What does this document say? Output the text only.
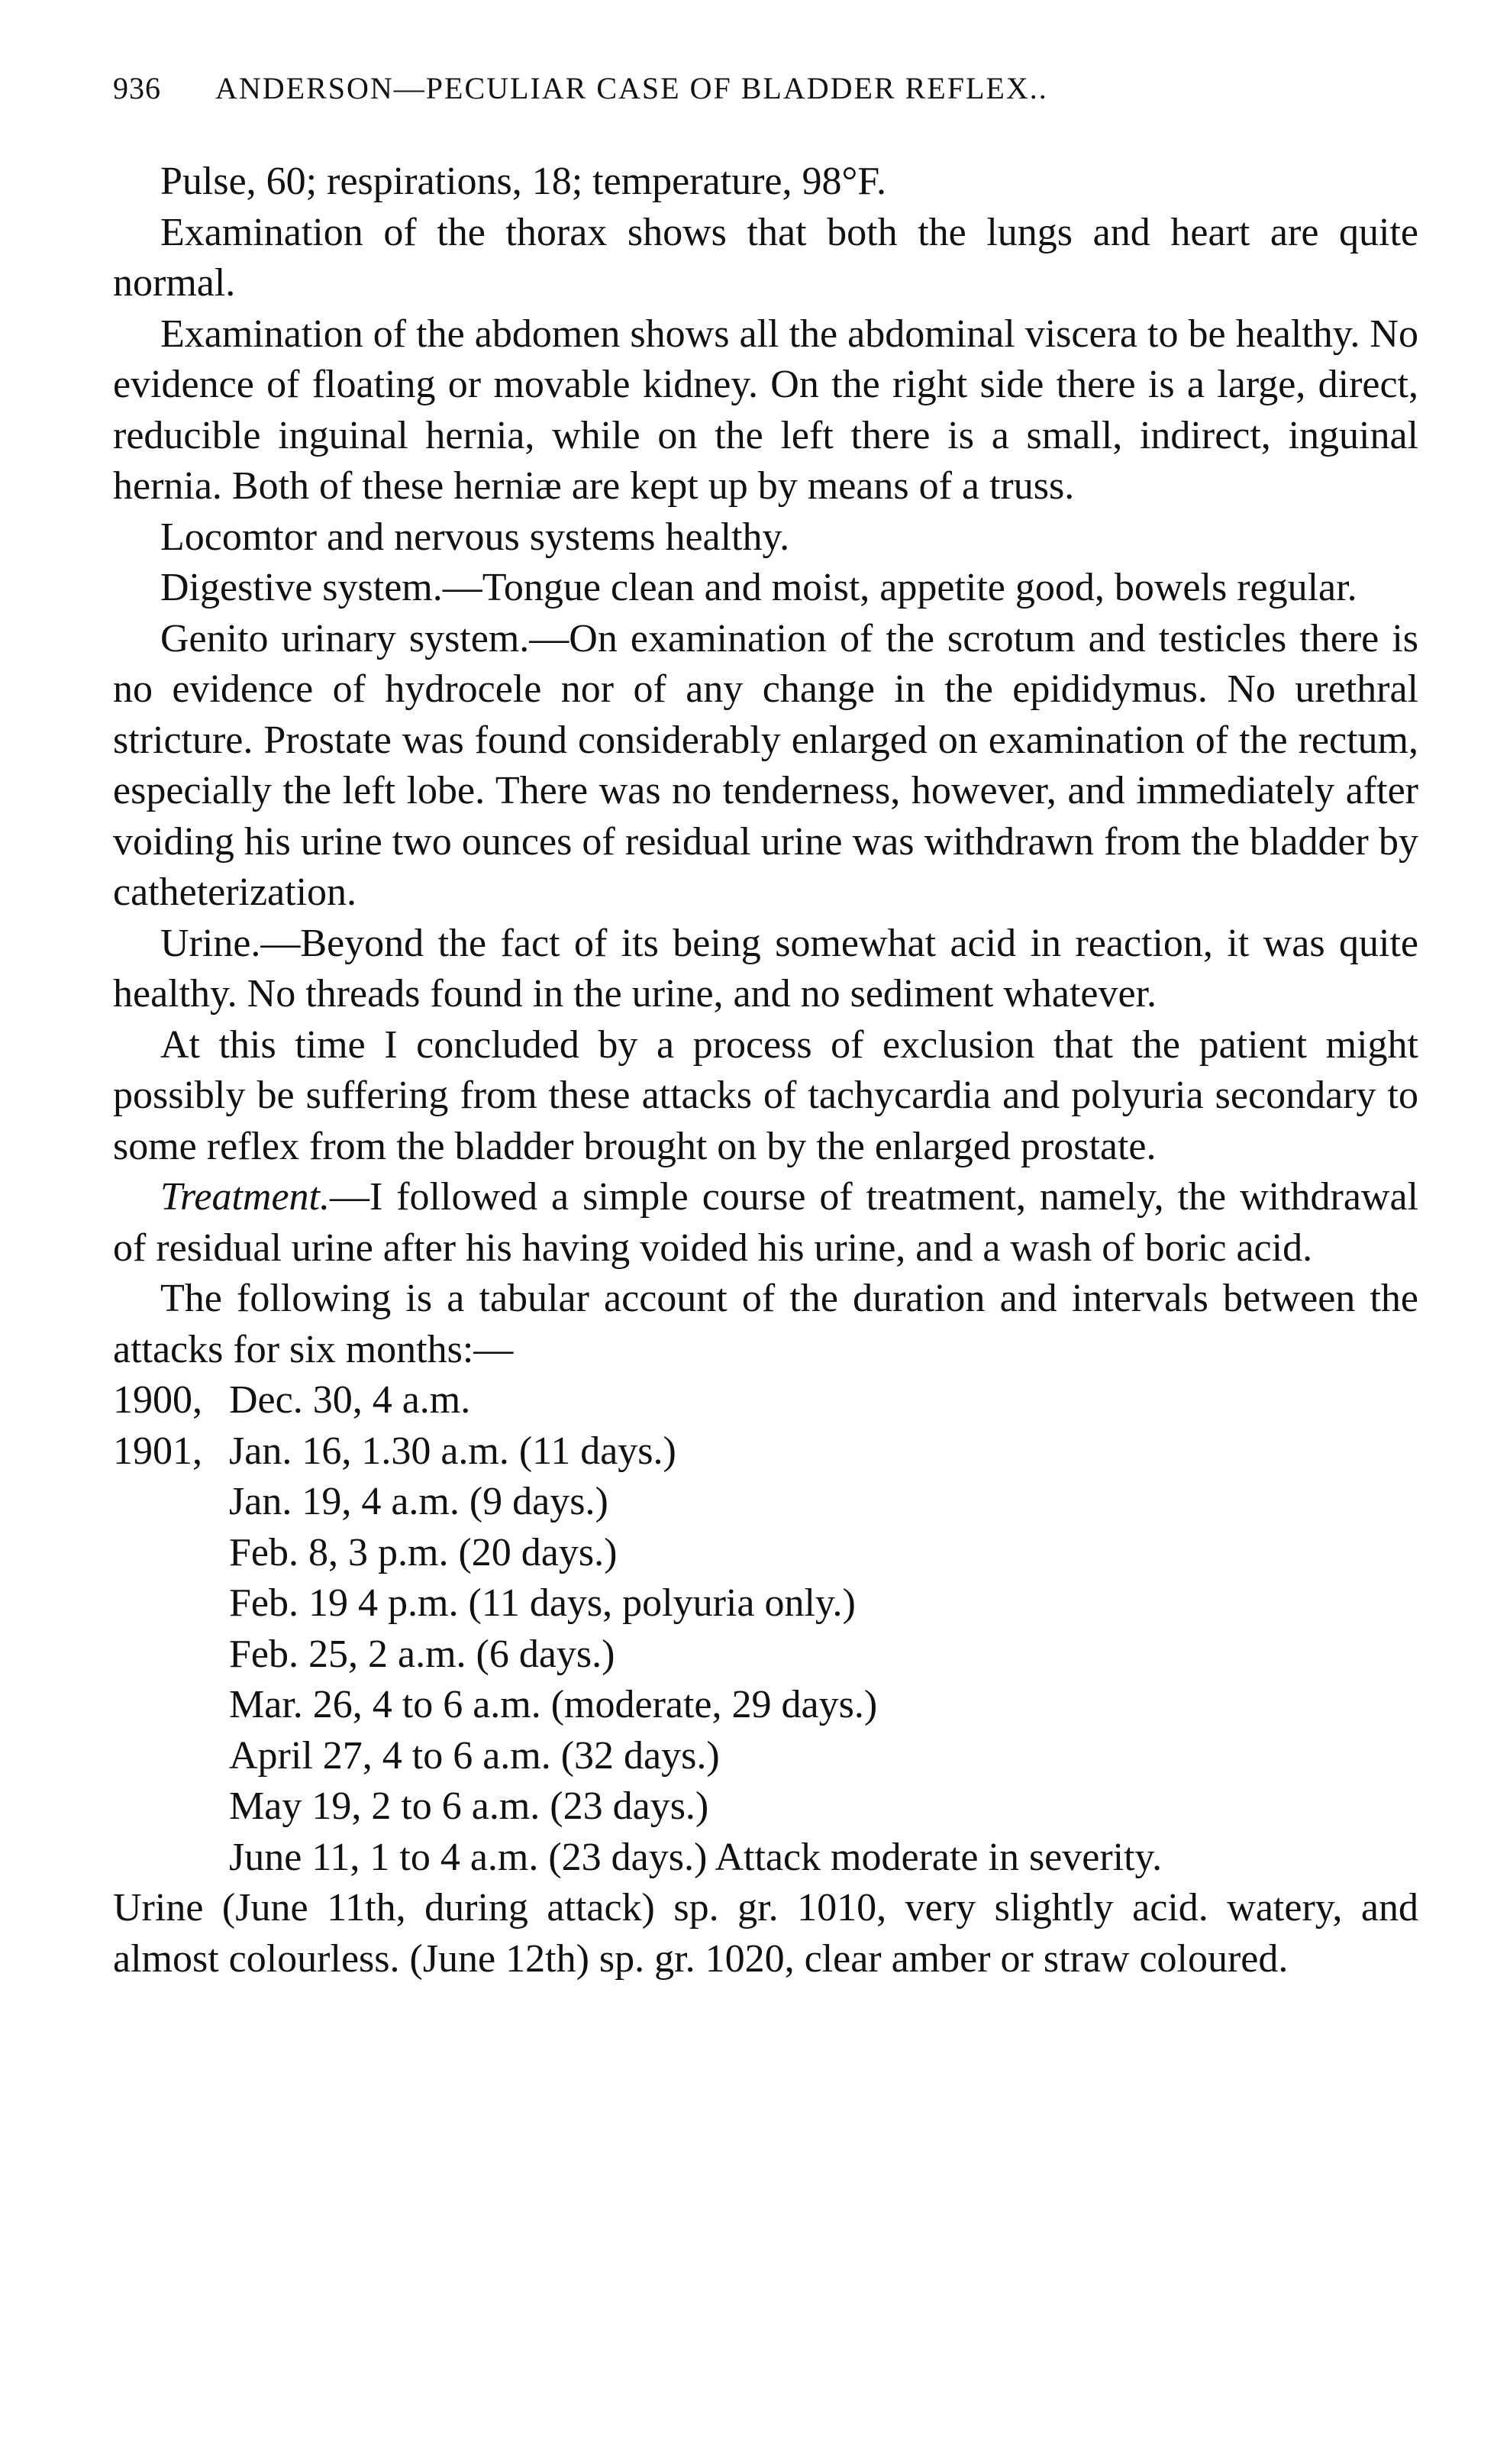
936 ANDERSON—PECULIAR CASE OF BLADDER REFLEX..

Pulse, 60; respirations, 18; temperature, 98°F.

Examination of the thorax shows that both the lungs and heart are quite normal.

Examination of the abdomen shows all the abdominal viscera to be healthy. No evidence of floating or movable kidney. On the right side there is a large, direct, reducible inguinal hernia, while on the left there is a small, indirect, inguinal hernia. Both of these herniæ are kept up by means of a truss.

Locomtor and nervous systems healthy.

Digestive system.—Tongue clean and moist, appetite good, bowels regular.

Genito urinary system.—On examination of the scrotum and testicles there is no evidence of hydrocele nor of any change in the epididymus. No urethral stricture. Prostate was found considerably enlarged on examination of the rectum, especially the left lobe. There was no tenderness, however, and immediately after voiding his urine two ounces of residual urine was withdrawn from the bladder by catheterization.

Urine.—Beyond the fact of its being somewhat acid in reaction, it was quite healthy. No threads found in the urine, and no sediment whatever.

At this time I concluded by a process of exclusion that the patient might possibly be suffering from these attacks of tachycardia and polyuria secondary to some reflex from the bladder brought on by the enlarged prostate.

Treatment.—I followed a simple course of treatment, namely, the withdrawal of residual urine after his having voided his urine, and a wash of boric acid.

The following is a tabular account of the duration and intervals between the attacks for six months:—

1900, Dec. 30, 4 a.m.

1901, Jan. 16, 1.30 a.m. (11 days.)

Jan. 19, 4 a.m. (9 days.)

Feb. 8, 3 p.m. (20 days.)

Feb. 19 4 p.m. (11 days, polyuria only.)

Feb. 25, 2 a.m. (6 days.)

Mar. 26, 4 to 6 a.m. (moderate, 29 days.)

April 27, 4 to 6 a.m. (32 days.)

May 19, 2 to 6 a.m. (23 days.)

June 11, 1 to 4 a.m. (23 days.) Attack moderate in severity.

Urine (June 11th, during attack) sp. gr. 1010, very slightly acid. watery, and almost colourless. (June 12th) sp. gr. 1020, clear amber or straw coloured.
